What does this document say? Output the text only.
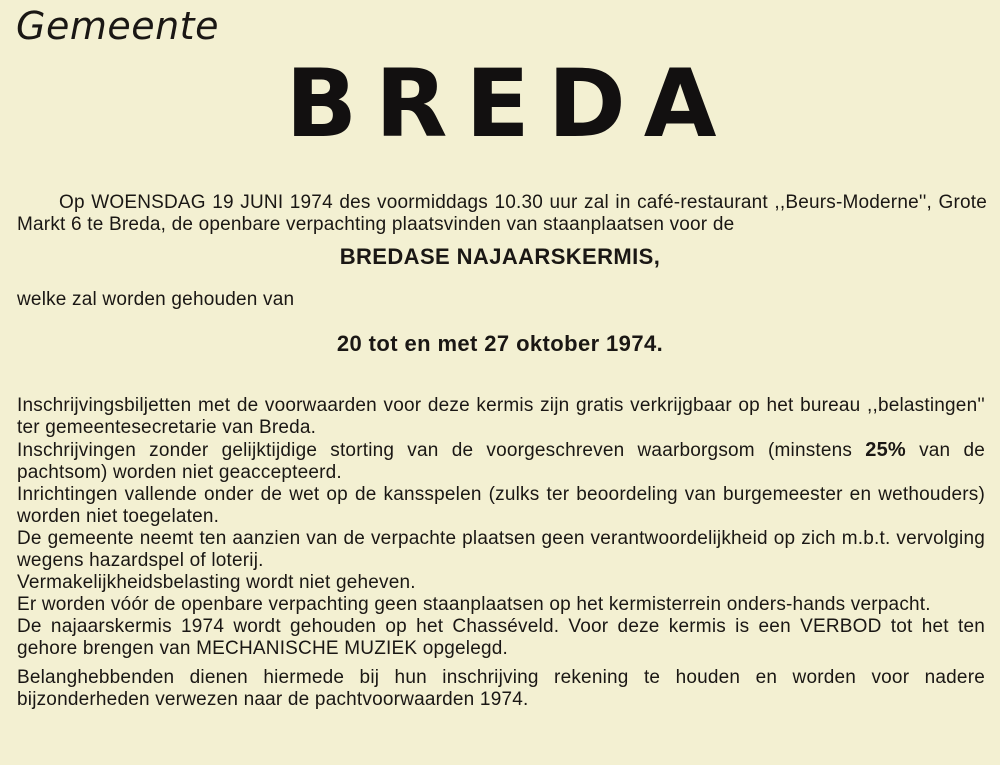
Gemeente
BREDA

Op WOENSDAG 19 JUNI 1974 des voormiddags 10.30 uur zal in café-restaurant ,,Beurs-Moderne'', Grote Markt 6 te Breda, de openbare verpachting plaatsvinden van staanplaatsen voor de

BREDASE NAJAARSKERMIS,
welke zal worden gehouden van
20 tot en met 27 oktober 1974.

Inschrijvingsbiljetten met de voorwaarden voor deze kermis zijn gratis verkrijgbaar op het bureau ,,belastingen'' ter gemeentesecretarie van Breda.

Inschrijvingen zonder gelijktijdige storting van de voorgeschreven waarborgsom (minstens 25% van de pachtsom) worden niet geaccepteerd.

Inrichtingen vallende onder de wet op de kansspelen (zulks ter beoordeling van burgemeester en wethouders) worden niet toegelaten.

De gemeente neemt ten aanzien van de verpachte plaatsen geen verantwoordelijkheid op zich m.b.t. vervolging wegens hazardspel of loterij.

Vermakelijkheidsbelasting wordt niet geheven.

Er worden vóór de openbare verpachting geen staanplaatsen op het kermisterrein onders-hands verpacht.

De najaarskermis 1974 wordt gehouden op het Chasséveld. Voor deze kermis is een VERBOD tot het ten gehore brengen van MECHANISCHE MUZIEK opgelegd.

Belanghebbenden dienen hiermede bij hun inschrijving rekening te houden en worden voor nadere bijzonderheden verwezen naar de pachtvoorwaarden 1974.
